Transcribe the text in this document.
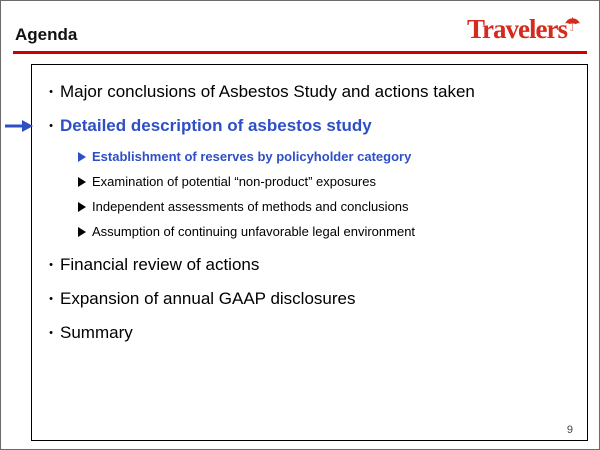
Agenda	Travelers☂
• Major conclusions of Asbestos Study and actions taken
• Detailed description of asbestos study
Establishment of reserves by policyholder category
Examination of potential “non-product” exposures
Independent assessments of methods and conclusions
Assumption of continuing unfavorable legal environment
• Financial review of actions
• Expansion of annual GAAP disclosures
• Summary
9
